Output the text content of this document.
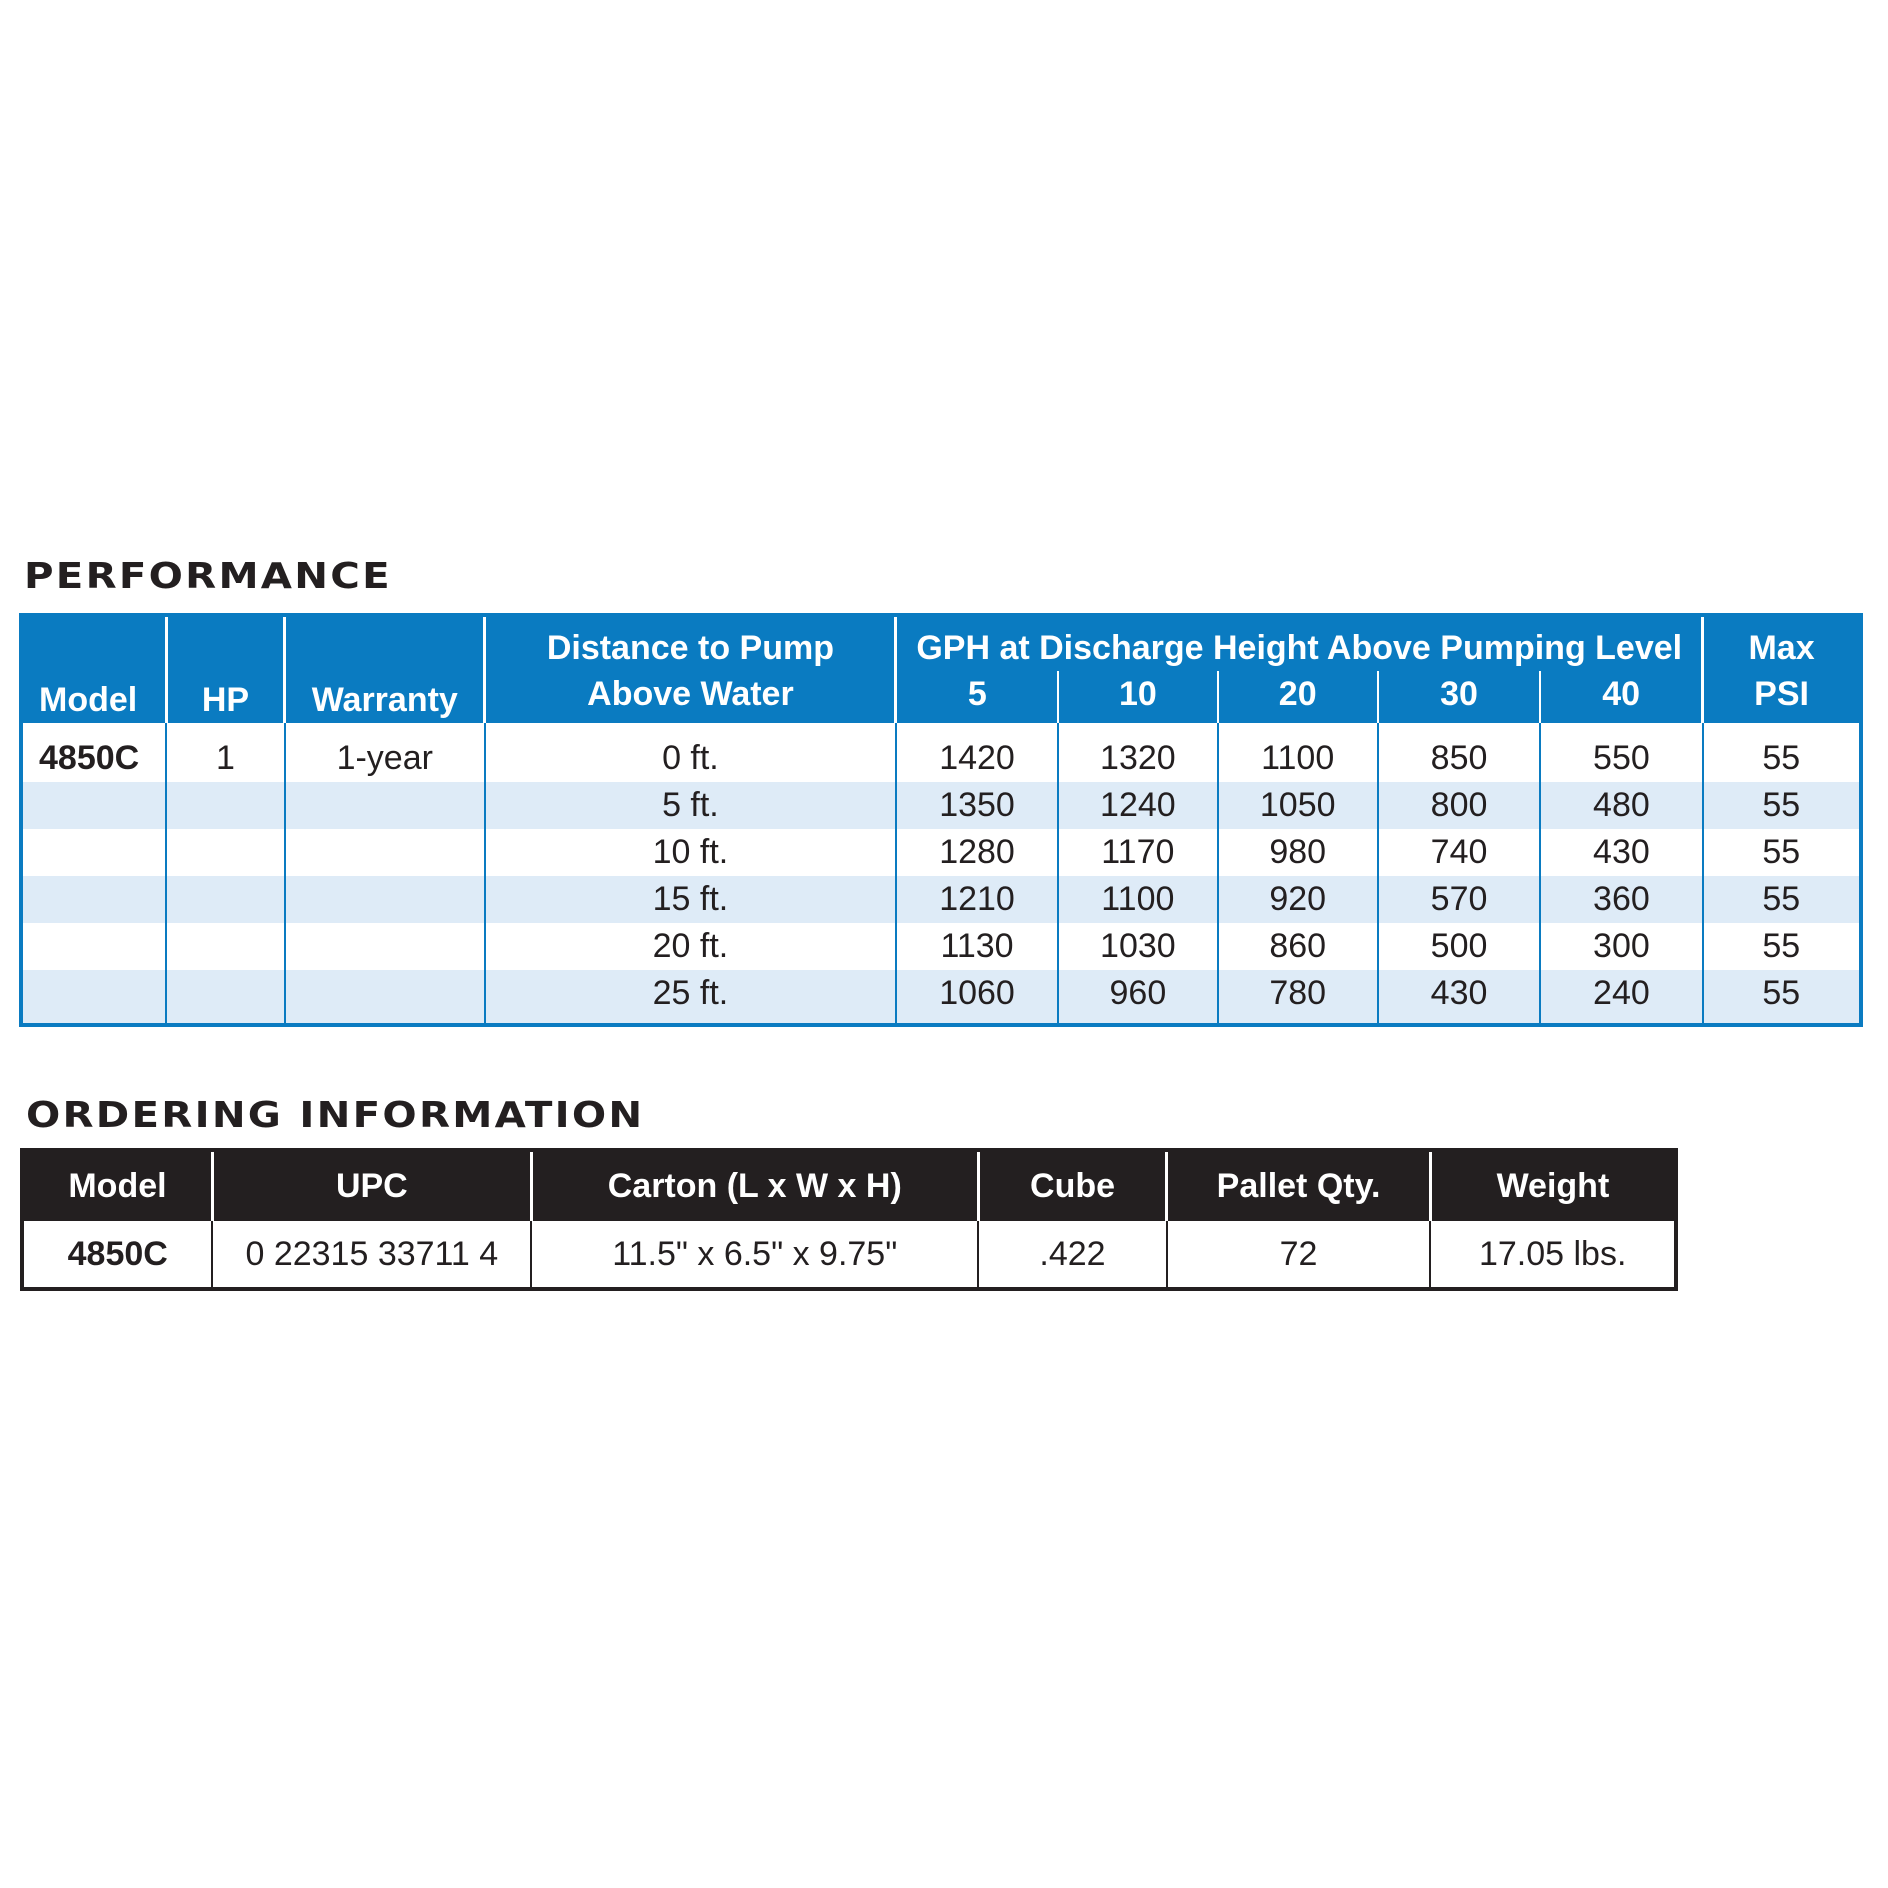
PERFORMANCE
Model	HP	Warranty	Distance to Pump	GPH at Discharge Height Above Pumping Level					Max
			Above Water	5	10	20	30	40	PSI
4850C	1	1-year	0 ft.	1420	1320	1100	850	550	55
			5 ft.	1350	1240	1050	800	480	55
			10 ft.	1280	1170	980	740	430	55
			15 ft.	1210	1100	920	570	360	55
			20 ft.	1130	1030	860	500	300	55
			25 ft.	1060	960	780	430	240	55
ORDERING INFORMATION
Model	UPC	Carton (L x W x H)	Cube	Pallet Qty.	Weight
4850C	0 22315 33711 4	11.5" x 6.5" x 9.75"	.422	72	17.05 lbs.
